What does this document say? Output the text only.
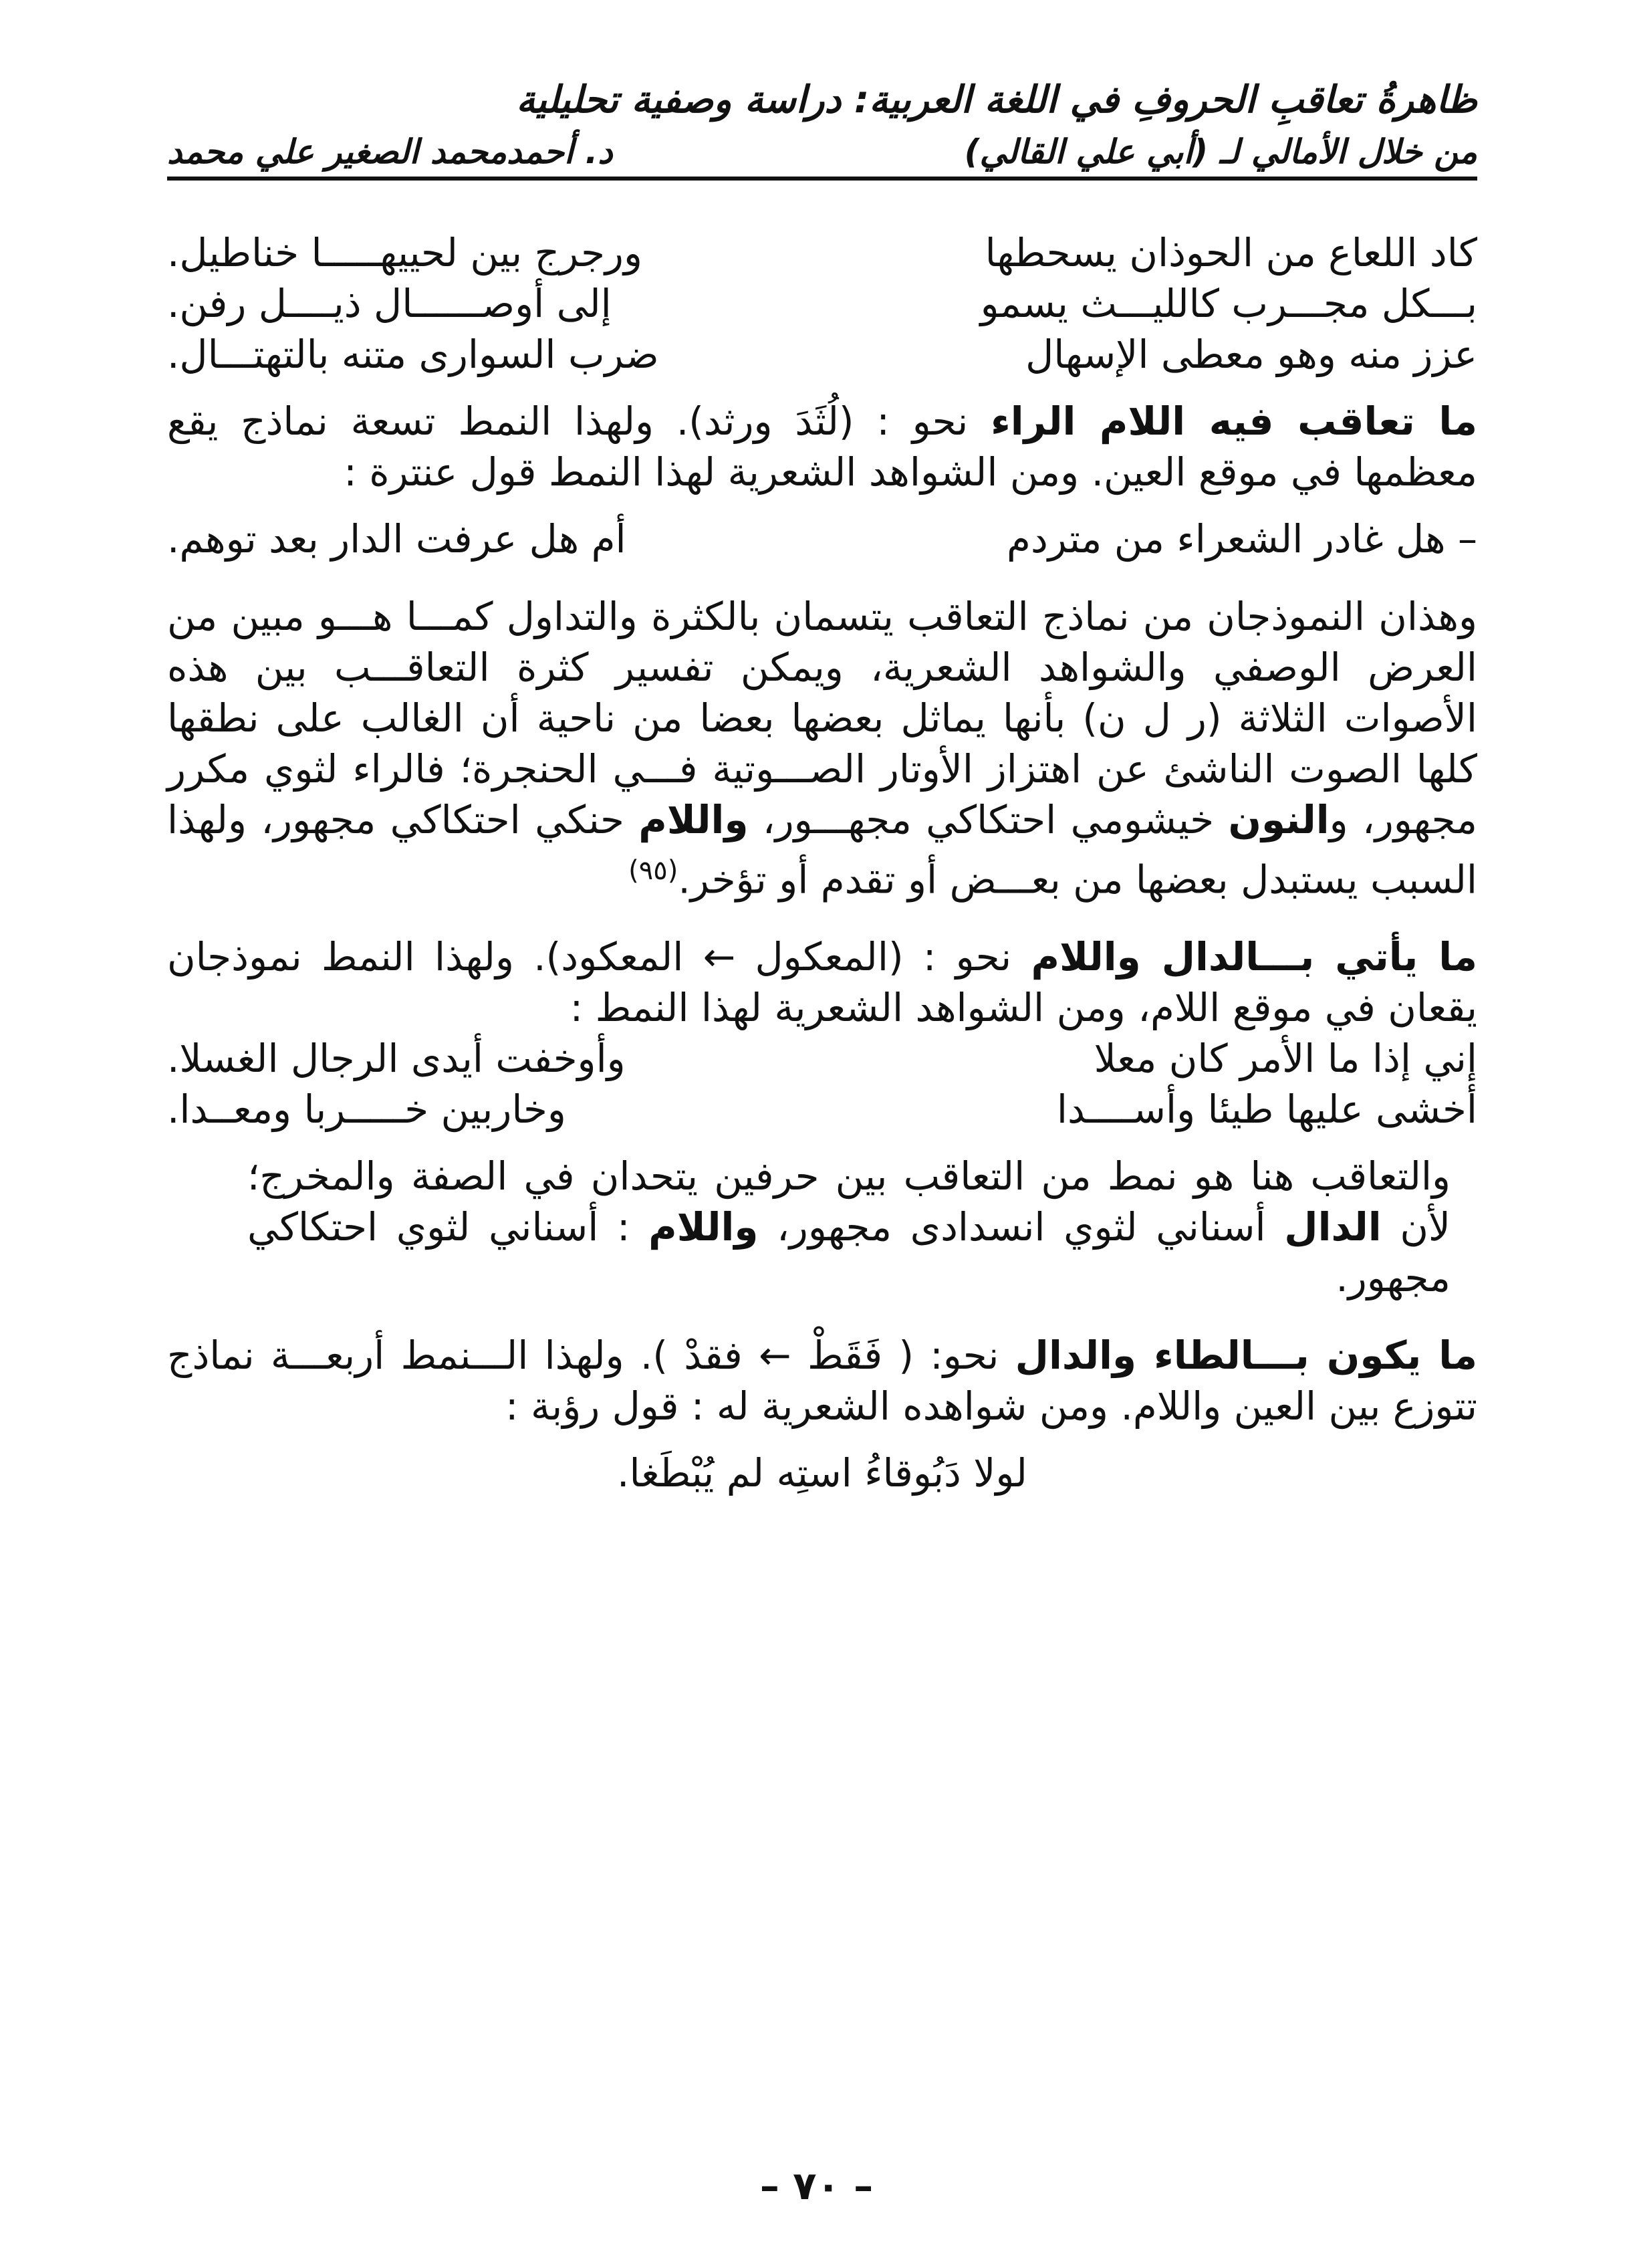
ظاهرةُ تعاقبِ الحروفِ في اللغة العربية: دراسة وصفية تحليلية
من خلال الأمالي لـ (أبي علي القالي)
د. أحمدمحمد الصغير علي محمد
كاد اللعاع من الحوذان يسحطها
ورجرج بين لحييهـــــا خناطيل.
بـــكل مجـــرب كالليـــث يسمو
إلى أوصــــــال ذيــــل رفن.
عزز منه وهو معطى الإسهال
ضرب السوارى متنه بالتهتـــال.

ما تعاقب فيه اللام الراء نحو : (لُثَدَ ورثد). ولهذا النمط تسعة نماذج يقع معظمها في موقع العين. ومن الشواهد الشعرية لهذا النمط قول عنترة :

– هل غادر الشعراء من متردم
أم هل عرفت الدار بعد توهم.

وهذان النموذجان من نماذج التعاقب يتسمان بالكثرة والتداول كمـــا هـــو مبين من العرض الوصفي والشواهد الشعرية، ويمكن تفسير كثرة التعاقـــب بين هذه الأصوات الثلاثة (ر ل ن) بأنها يماثل بعضها بعضا من ناحية أن الغالب على نطقها كلها الصوت الناشئ عن اهتزاز الأوتار الصـــوتية فـــي الحنجرة؛ فالراء لثوي مكرر مجهور، والنون خيشومي احتكاكي مجهـــور، واللام حنكي احتكاكي مجهور، ولهذا السبب يستبدل بعضها من بعـــض أو تقدم أو تؤخر.$^{(٩٥)}$

ما يأتي بـــالدال واللام نحو : (المعكول ← المعكود). ولهذا النمط نموذجان يقعان في موقع اللام، ومن الشواهد الشعرية لهذا النمط :

إني إذا ما الأمر كان معلا
وأوخفت أيدى الرجال الغسلا.
أخشى عليها طيئا وأســــدا
وخاربين خـــــربا ومعــدا.

والتعاقب هنا هو نمط من التعاقب بين حرفين يتحدان في الصفة والمخرج؛ لأن الدال أسناني لثوي انسدادى مجهور، واللام : أسناني لثوي احتكاكي مجهور.

ما يكون بـــالطاء والدال نحو: ( فَقَطْ ← فقدْ ). ولهذا الـــنمط أربعـــة نماذج تتوزع بين العين واللام. ومن شواهده الشعرية له : قول رؤبة :

لولا دَبُوقاءُ استِه لم يُبْطَغا.
– ٧٠ –
